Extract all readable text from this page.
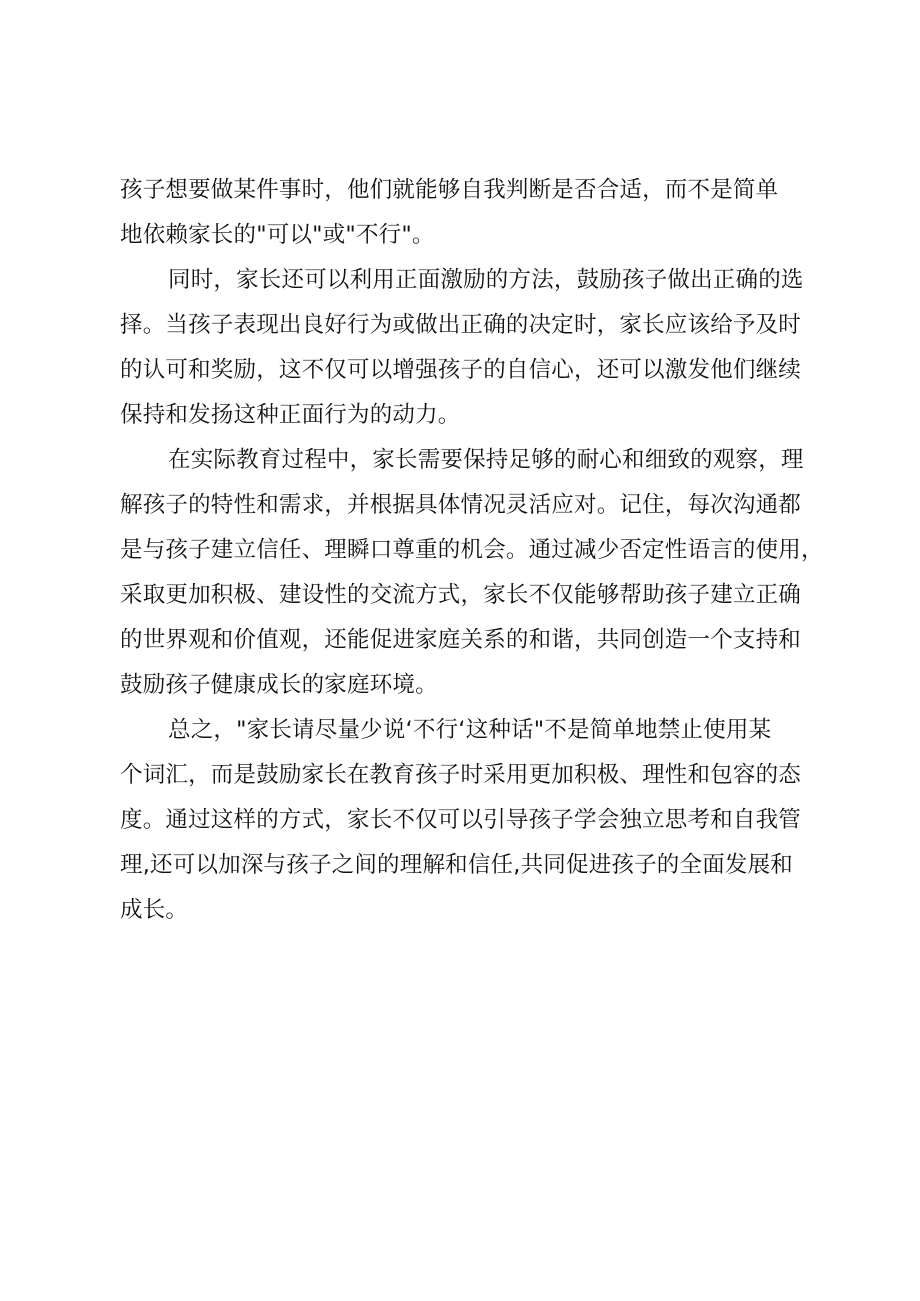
孩子想要做某件事时，他们就能够自我判断是否合适，而不是简单
地依赖家长的"可以"或"不行"。
同时，家长还可以利用正面激励的方法，鼓励孩子做出正确的选
择。当孩子表现出良好行为或做出正确的决定时，家长应该给予及时
的认可和奖励，这不仅可以增强孩子的自信心，还可以激发他们继续
保持和发扬这种正面行为的动力。
在实际教育过程中，家长需要保持足够的耐心和细致的观察，理
解孩子的特性和需求，并根据具体情况灵活应对。记住，每次沟通都
是与孩子建立信任、理瞬口尊重的机会。通过减少否定性语言的使用，
采取更加积极、建设性的交流方式，家长不仅能够帮助孩子建立正确
的世界观和价值观，还能促进家庭关系的和谐，共同创造一个支持和
鼓励孩子健康成长的家庭环境。
总之，"家长请尽量少说‘不行‘这种话"不是简单地禁止使用某
个词汇，而是鼓励家长在教育孩子时采用更加积极、理性和包容的态
度。通过这样的方式，家长不仅可以引导孩子学会独立思考和自我管
理,还可以加深与孩子之间的理解和信任,共同促进孩子的全面发展和
成长。
